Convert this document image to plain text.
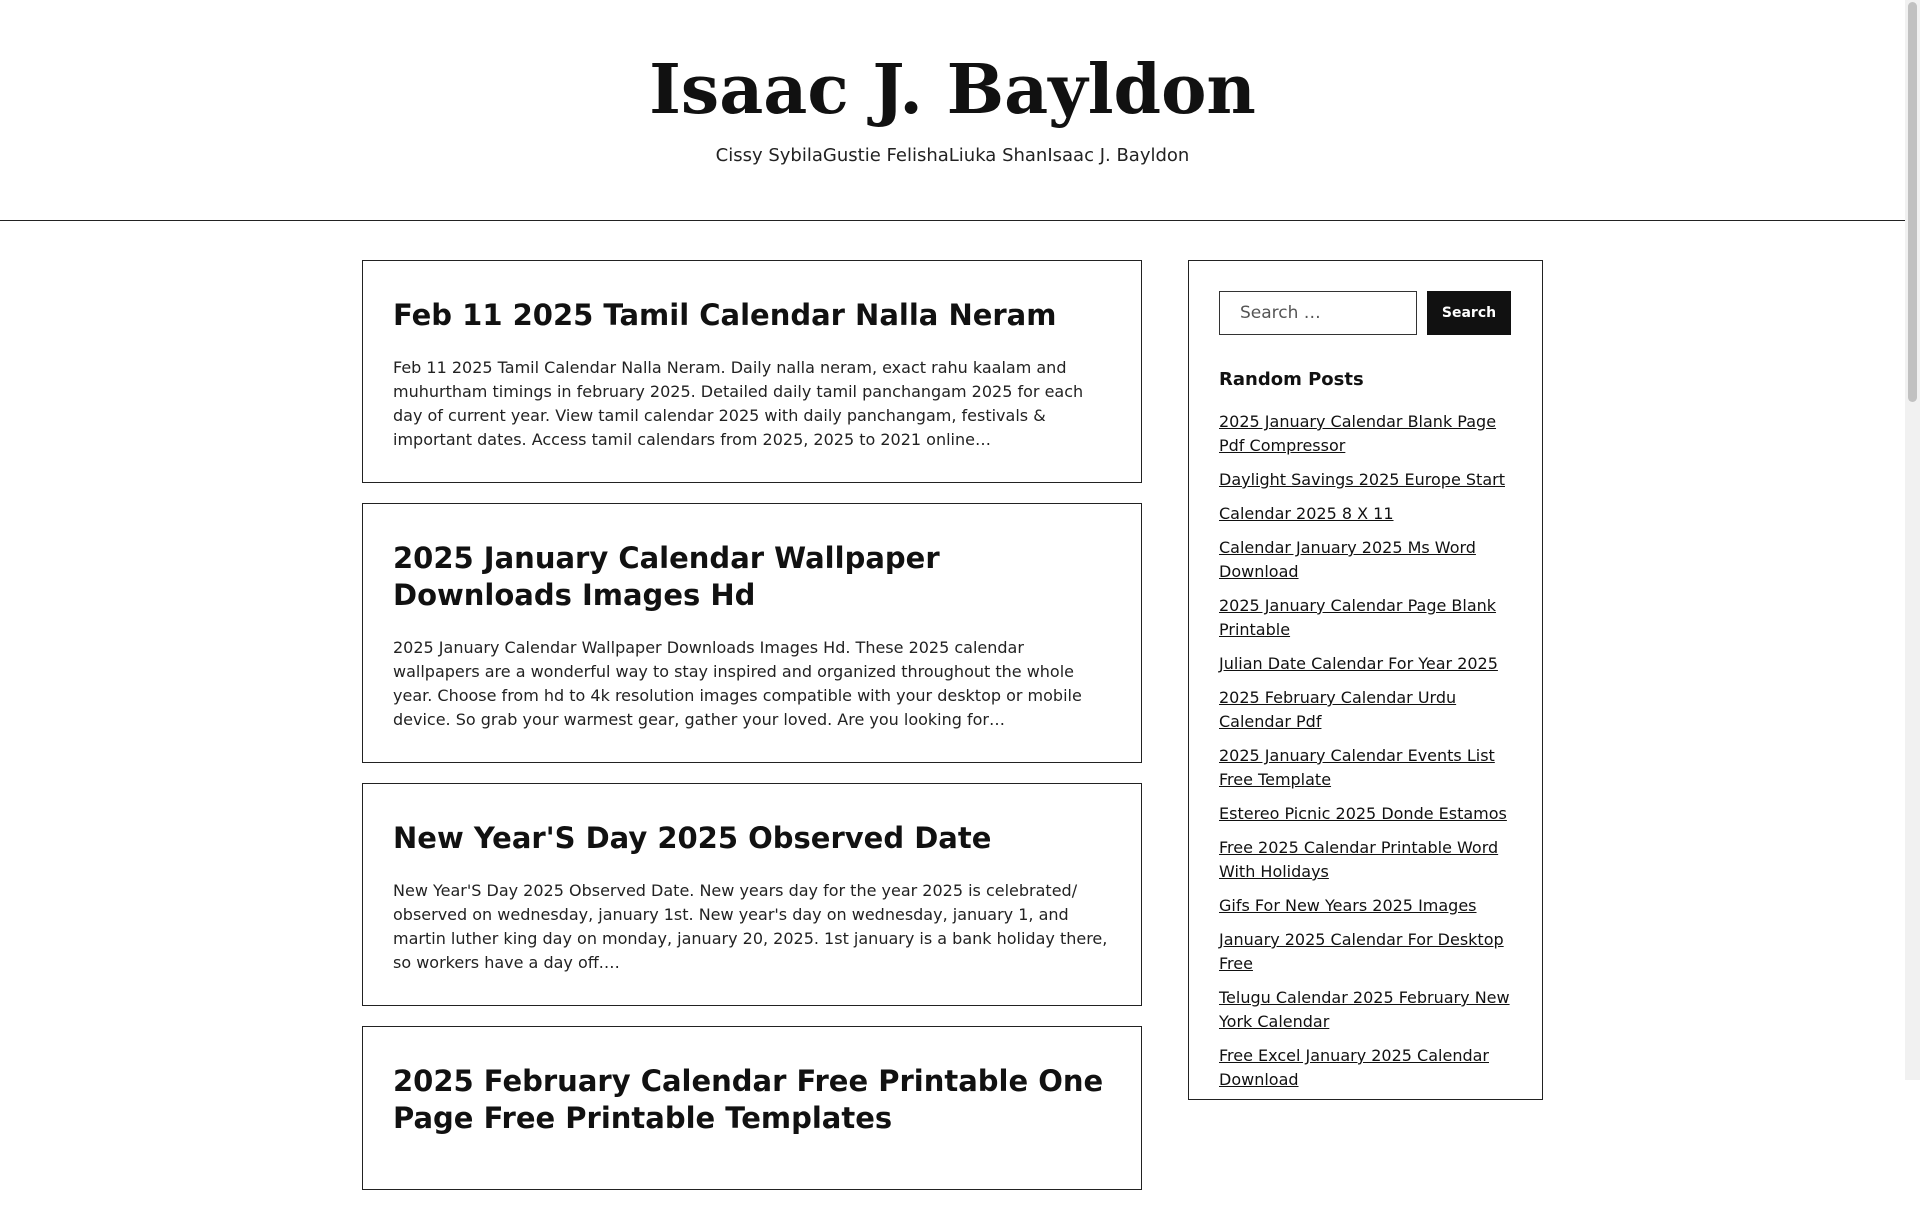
Isaac J. Bayldon
Cissy SybilaGustie FelishaLiuka ShanIsaac J. Bayldon
Feb 11 2025 Tamil Calendar Nalla Neram

Feb 11 2025 Tamil Calendar Nalla Neram. Daily nalla neram, exact rahu kaalam and muhurtham timings in february 2025. Detailed daily tamil panchangam 2025 for each day of current year. View tamil calendar 2025 with daily panchangam, festivals & important dates. Access tamil calendars from 2025, 2025 to 2021 online…

2025 January Calendar Wallpaper Downloads Images Hd

2025 January Calendar Wallpaper Downloads Images Hd. These 2025 calendar wallpapers are a wonderful way to stay inspired and organized throughout the whole year. Choose from hd to 4k resolution images compatible with your desktop or mobile device. So grab your warmest gear, gather your loved. Are you looking for…

New Year'S Day 2025 Observed Date

New Year'S Day 2025 Observed Date. New years day for the year 2025 is celebrated/ observed on wednesday, january 1st. New year's day on wednesday, january 1, and martin luther king day on monday, january 20, 2025. 1st january is a bank holiday there, so workers have a day off.…

2025 February Calendar Free Printable One Page Free Printable Templates
Search …
Search
Random Posts
2025 January Calendar Blank Page Pdf Compressor
Daylight Savings 2025 Europe Start
Calendar 2025 8 X 11
Calendar January 2025 Ms Word Download
2025 January Calendar Page Blank Printable
Julian Date Calendar For Year 2025
2025 February Calendar Urdu Calendar Pdf
2025 January Calendar Events List Free Template
Estereo Picnic 2025 Donde Estamos
Free 2025 Calendar Printable Word With Holidays
Gifs For New Years 2025 Images
January 2025 Calendar For Desktop Free
Telugu Calendar 2025 February New York Calendar
Free Excel January 2025 Calendar Download
